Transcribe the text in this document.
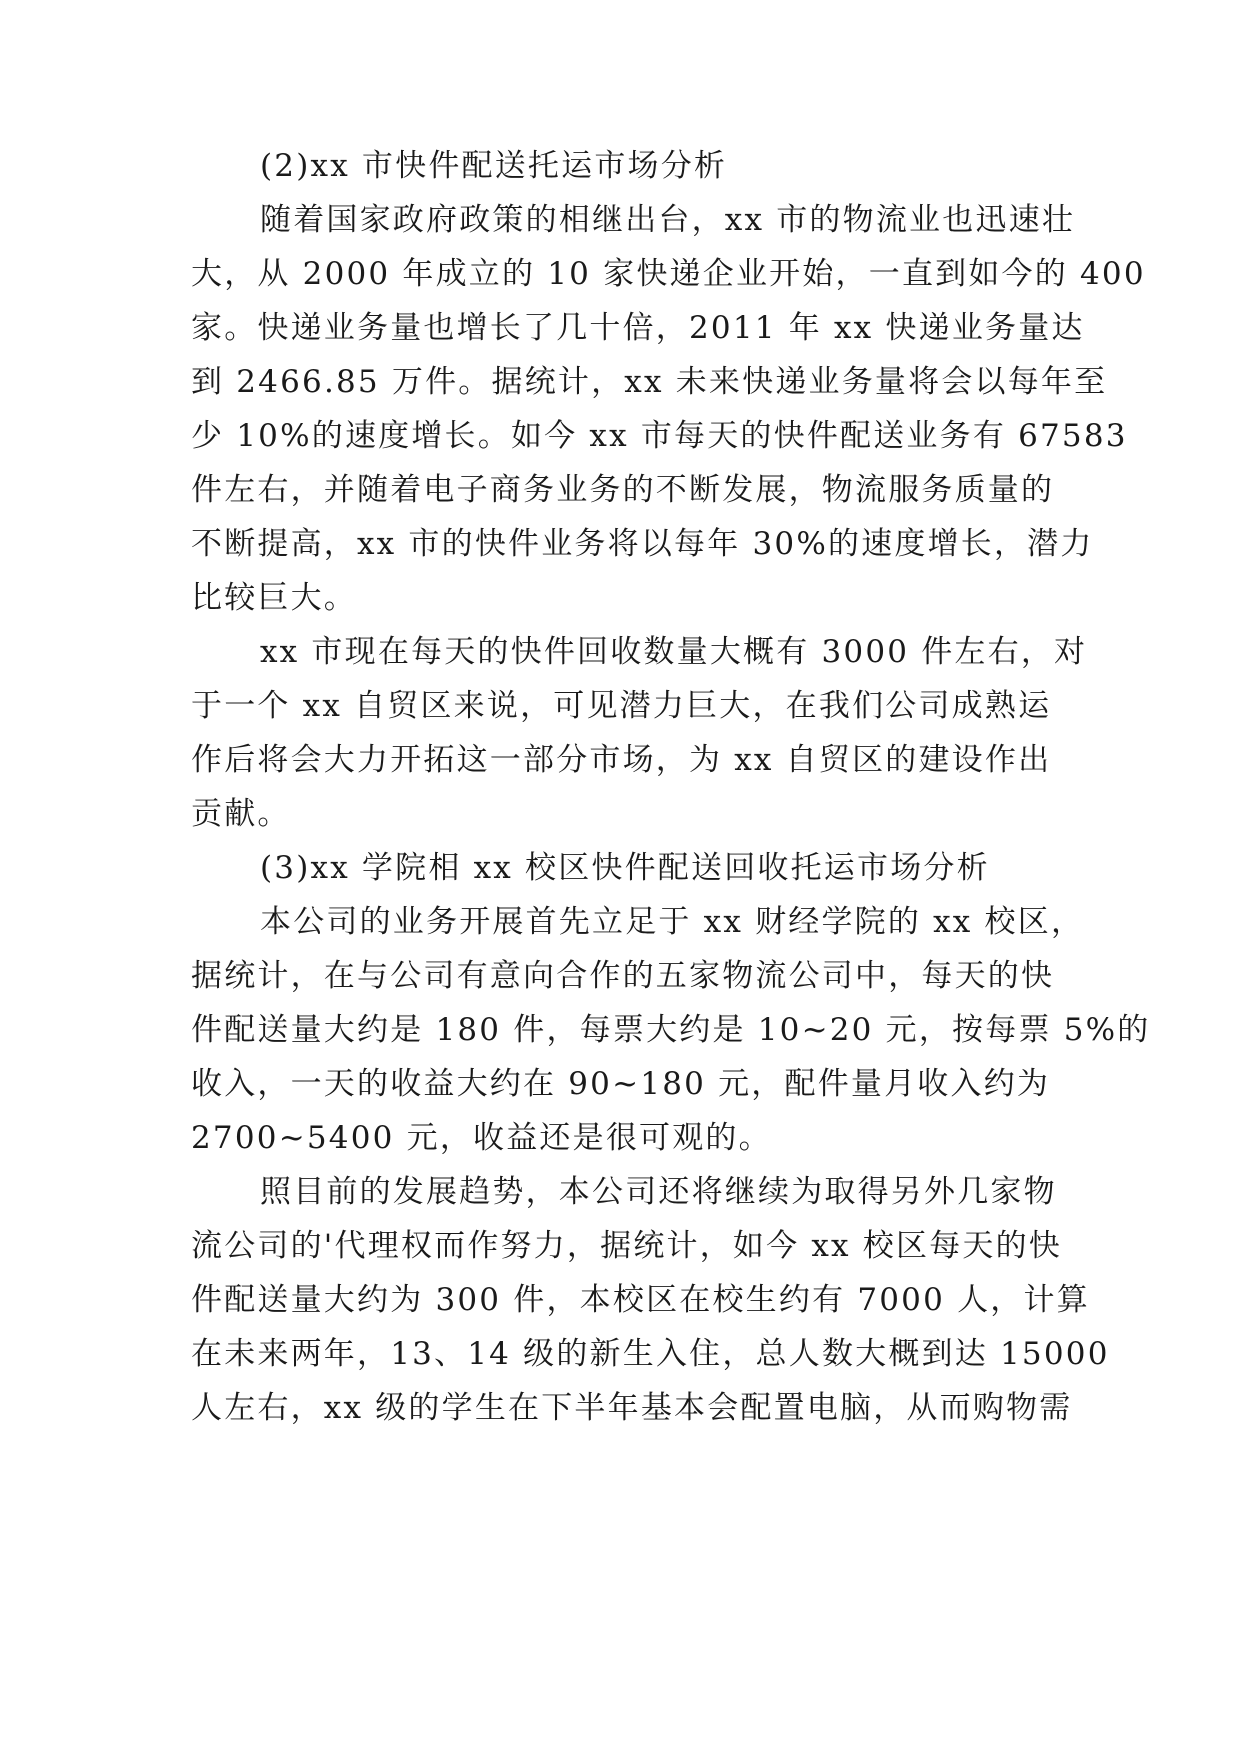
(2)xx 市快件配送托运市场分析
随着国家政府政策的相继出台，xx 市的物流业也迅速壮
大，从 2000 年成立的 10 家快递企业开始，一直到如今的 400
家。快递业务量也增长了几十倍，2011 年 xx 快递业务量达
到 2466.85 万件。据统计，xx 未来快递业务量将会以每年至
少 10%的速度增长。如今 xx 市每天的快件配送业务有 67583
件左右，并随着电子商务业务的不断发展，物流服务质量的
不断提高，xx 市的快件业务将以每年 30%的速度增长，潜力
比较巨大。
xx 市现在每天的快件回收数量大概有 3000 件左右，对
于一个 xx 自贸区来说，可见潜力巨大，在我们公司成熟运
作后将会大力开拓这一部分市场，为 xx 自贸区的建设作出
贡献。
(3)xx 学院相 xx 校区快件配送回收托运市场分析
本公司的业务开展首先立足于 xx 财经学院的 xx 校区，
据统计，在与公司有意向合作的五家物流公司中，每天的快
件配送量大约是 180 件，每票大约是 10~20 元，按每票 5%的
收入，一天的收益大约在 90~180 元，配件量月收入约为
2700~5400 元，收益还是很可观的。
照目前的发展趋势，本公司还将继续为取得另外几家物
流公司的'代理权而作努力，据统计，如今 xx 校区每天的快
件配送量大约为 300 件，本校区在校生约有 7000 人，计算
在未来两年，13、14 级的新生入住，总人数大概到达 15000
人左右，xx 级的学生在下半年基本会配置电脑，从而购物需
